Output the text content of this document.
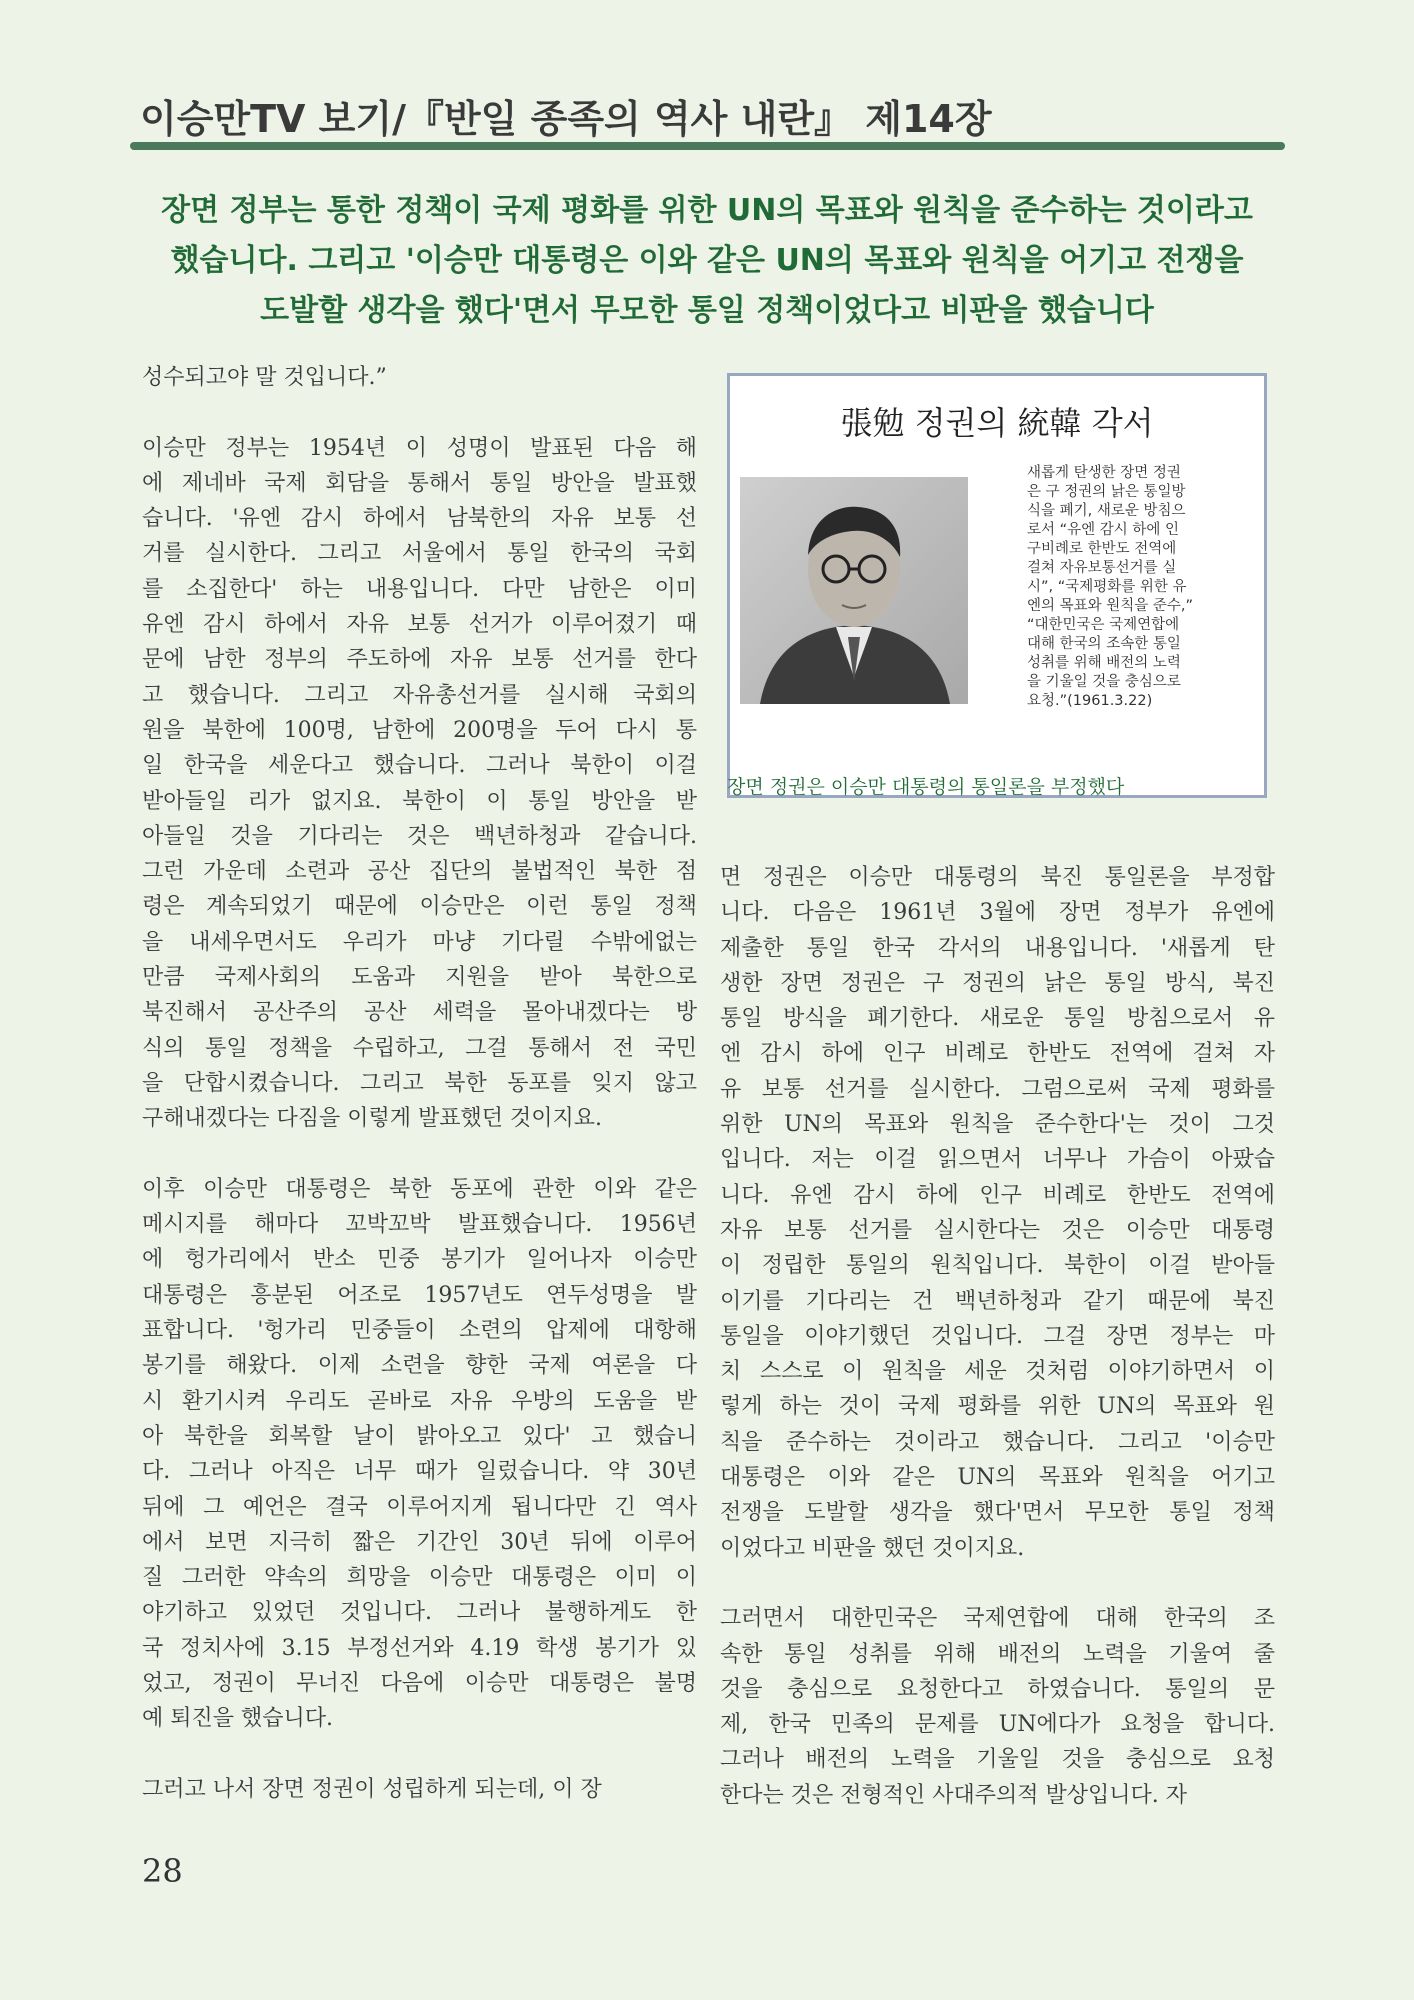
이승만TV 보기/『반일 종족의 역사 내란』 제14장
장면 정부는 통한 정책이 국제 평화를 위한 UN의 목표와 원칙을 준수하는 것이라고
했습니다. 그리고 '이승만 대통령은 이와 같은 UN의 목표와 원칙을 어기고 전쟁을
도발할 생각을 했다'면서 무모한 통일 정책이었다고 비판을 했습니다
성수되고야 말 것입니다.”
이승만 정부는 1954년 이 성명이 발표된 다음 해
에 제네바 국제 회담을 통해서 통일 방안을 발표했
습니다. '유엔 감시 하에서 남북한의 자유 보통 선
거를 실시한다. 그리고 서울에서 통일 한국의 국회
를 소집한다' 하는 내용입니다. 다만 남한은 이미
유엔 감시 하에서 자유 보통 선거가 이루어졌기 때
문에 남한 정부의 주도하에 자유 보통 선거를 한다
고 했습니다. 그리고 자유총선거를 실시해 국회의
원을 북한에 100명, 남한에 200명을 두어 다시 통
일 한국을 세운다고 했습니다. 그러나 북한이 이걸
받아들일 리가 없지요. 북한이 이 통일 방안을 받
아들일 것을 기다리는 것은 백년하청과 같습니다.
그런 가운데 소련과 공산 집단의 불법적인 북한 점
령은 계속되었기 때문에 이승만은 이런 통일 정책
을 내세우면서도 우리가 마냥 기다릴 수밖에없는
만큼 국제사회의 도움과 지원을 받아 북한으로
북진해서 공산주의 공산 세력을 몰아내겠다는 방
식의 통일 정책을 수립하고, 그걸 통해서 전 국민
을 단합시켰습니다. 그리고 북한 동포를 잊지 않고
구해내겠다는 다짐을 이렇게 발표했던 것이지요.
이후 이승만 대통령은 북한 동포에 관한 이와 같은
메시지를 해마다 꼬박꼬박 발표했습니다. 1956년
에 헝가리에서 반소 민중 봉기가 일어나자 이승만
대통령은 흥분된 어조로 1957년도 연두성명을 발
표합니다. '헝가리 민중들이 소련의 압제에 대항해
봉기를 해왔다. 이제 소련을 향한 국제 여론을 다
시 환기시켜 우리도 곧바로 자유 우방의 도움을 받
아 북한을 회복할 날이 밝아오고 있다' 고 했습니
다. 그러나 아직은 너무 때가 일렀습니다. 약 30년
뒤에 그 예언은 결국 이루어지게 됩니다만 긴 역사
에서 보면 지극히 짧은 기간인 30년 뒤에 이루어
질 그러한 약속의 희망을 이승만 대통령은 이미 이
야기하고 있었던 것입니다. 그러나 불행하게도 한
국 정치사에 3.15 부정선거와 4.19 학생 봉기가 있
었고, 정권이 무너진 다음에 이승만 대통령은 불명
예 퇴진을 했습니다.
그러고 나서 장면 정권이 성립하게 되는데, 이 장
張勉 정권의 統韓 각서
새롭게 탄생한 장면 정권
은 구 정권의 낡은 통일방
식을 폐기, 새로운 방침으
로서 “유엔 감시 하에 인
구비례로 한반도 전역에
걸쳐 자유보통선거를 실
시”, “국제평화를 위한 유
엔의 목표와 원칙을 준수,”
“대한민국은 국제연합에
대해 한국의 조속한 통일
성취를 위해 배전의 노력
을 기울일 것을 충심으로
요청.”(1961.3.22)
장면 정권은 이승만 대통령의 통일론을 부정했다
면 정권은 이승만 대통령의 북진 통일론을 부정합
니다. 다음은 1961년 3월에 장면 정부가 유엔에
제출한 통일 한국 각서의 내용입니다. '새롭게 탄
생한 장면 정권은 구 정권의 낡은 통일 방식, 북진
통일 방식을 폐기한다. 새로운 통일 방침으로서 유
엔 감시 하에 인구 비례로 한반도 전역에 걸쳐 자
유 보통 선거를 실시한다. 그럼으로써 국제 평화를
위한 UN의 목표와 원칙을 준수한다'는 것이 그것
입니다. 저는 이걸 읽으면서 너무나 가슴이 아팠습
니다. 유엔 감시 하에 인구 비례로 한반도 전역에
자유 보통 선거를 실시한다는 것은 이승만 대통령
이 정립한 통일의 원칙입니다. 북한이 이걸 받아들
이기를 기다리는 건 백년하청과 같기 때문에 북진
통일을 이야기했던 것입니다. 그걸 장면 정부는 마
치 스스로 이 원칙을 세운 것처럼 이야기하면서 이
렇게 하는 것이 국제 평화를 위한 UN의 목표와 원
칙을 준수하는 것이라고 했습니다. 그리고 '이승만
대통령은 이와 같은 UN의 목표와 원칙을 어기고
전쟁을 도발할 생각을 했다'면서 무모한 통일 정책
이었다고 비판을 했던 것이지요.
그러면서 대한민국은 국제연합에 대해 한국의 조
속한 통일 성취를 위해 배전의 노력을 기울여 줄
것을 충심으로 요청한다고 하였습니다. 통일의 문
제, 한국 민족의 문제를 UN에다가 요청을 합니다.
그러나 배전의 노력을 기울일 것을 충심으로 요청
한다는 것은 전형적인 사대주의적 발상입니다. 자
28
